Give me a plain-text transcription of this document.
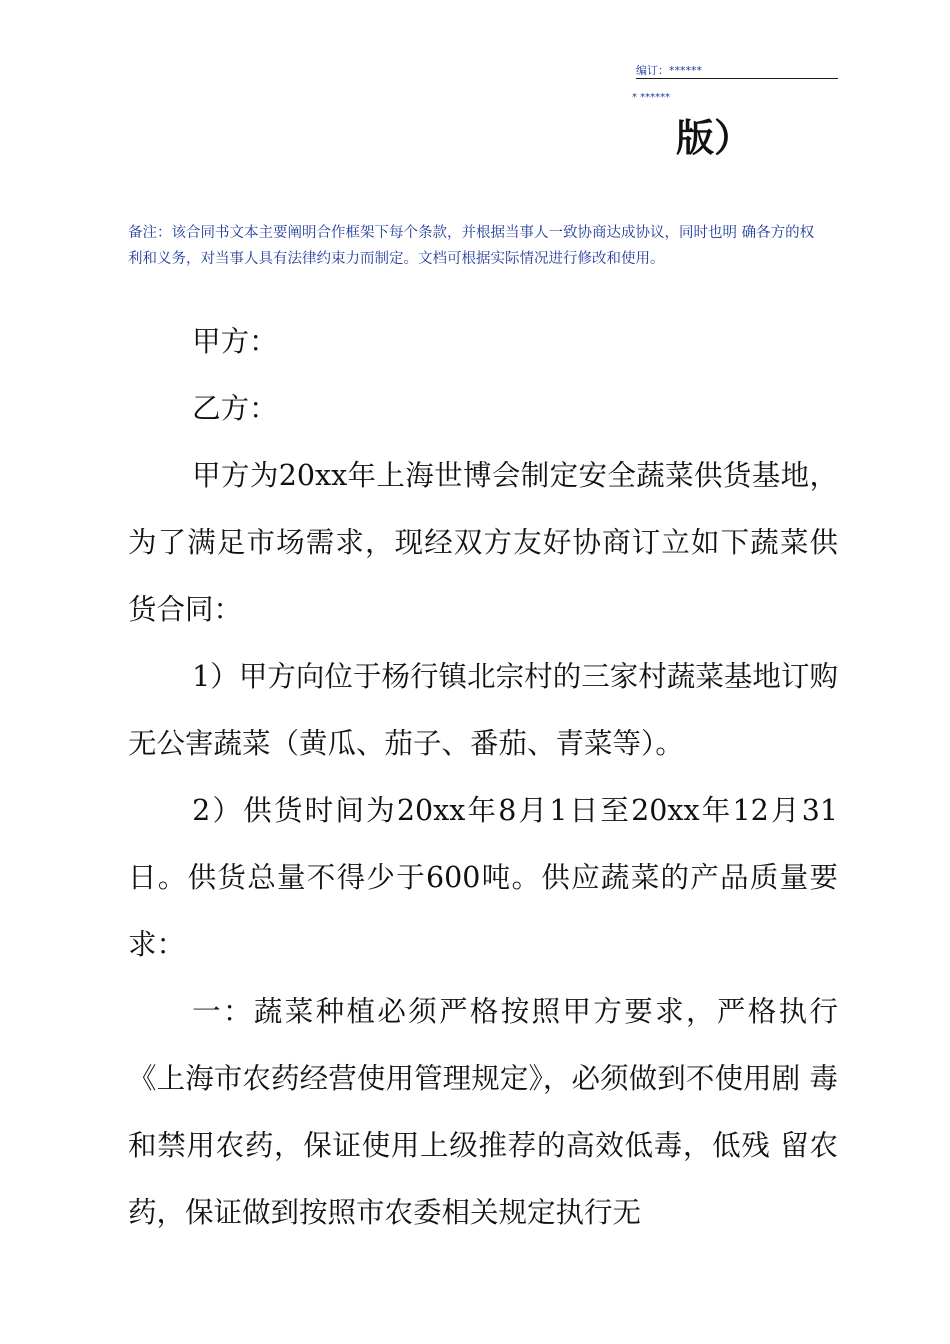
编订：******
* ******
版）
备注：该合同书文本主要阐明合作框架下每个条款，并根据当事人一致协商达成协议，同时也明 确各方的权利和义务，对当事人具有法律约束力而制定。文档可根据实际情况进行修改和使用。

甲方：

乙方：

甲方为20xx年上海世博会制定安全蔬菜供货基地，为了满足市场需求，现经双方友好协商订立如下蔬菜供货合同：

1）甲方向位于杨行镇北宗村的三家村蔬菜基地订购无公害蔬菜（黄瓜、茄子、番茄、青菜等）。

2）供货时间为20xx年8月1日至20xx年12月31日。供货总量不得少于600吨。供应蔬菜的产品质量要求：

一：蔬菜种植必须严格按照甲方要求，严格执行《上海市农药经营使用管理规定》，必须做到不使用剧 毒和禁用农药，保证使用上级推荐的高效低毒，低残 留农药，保证做到按照市农委相关规定执行无
